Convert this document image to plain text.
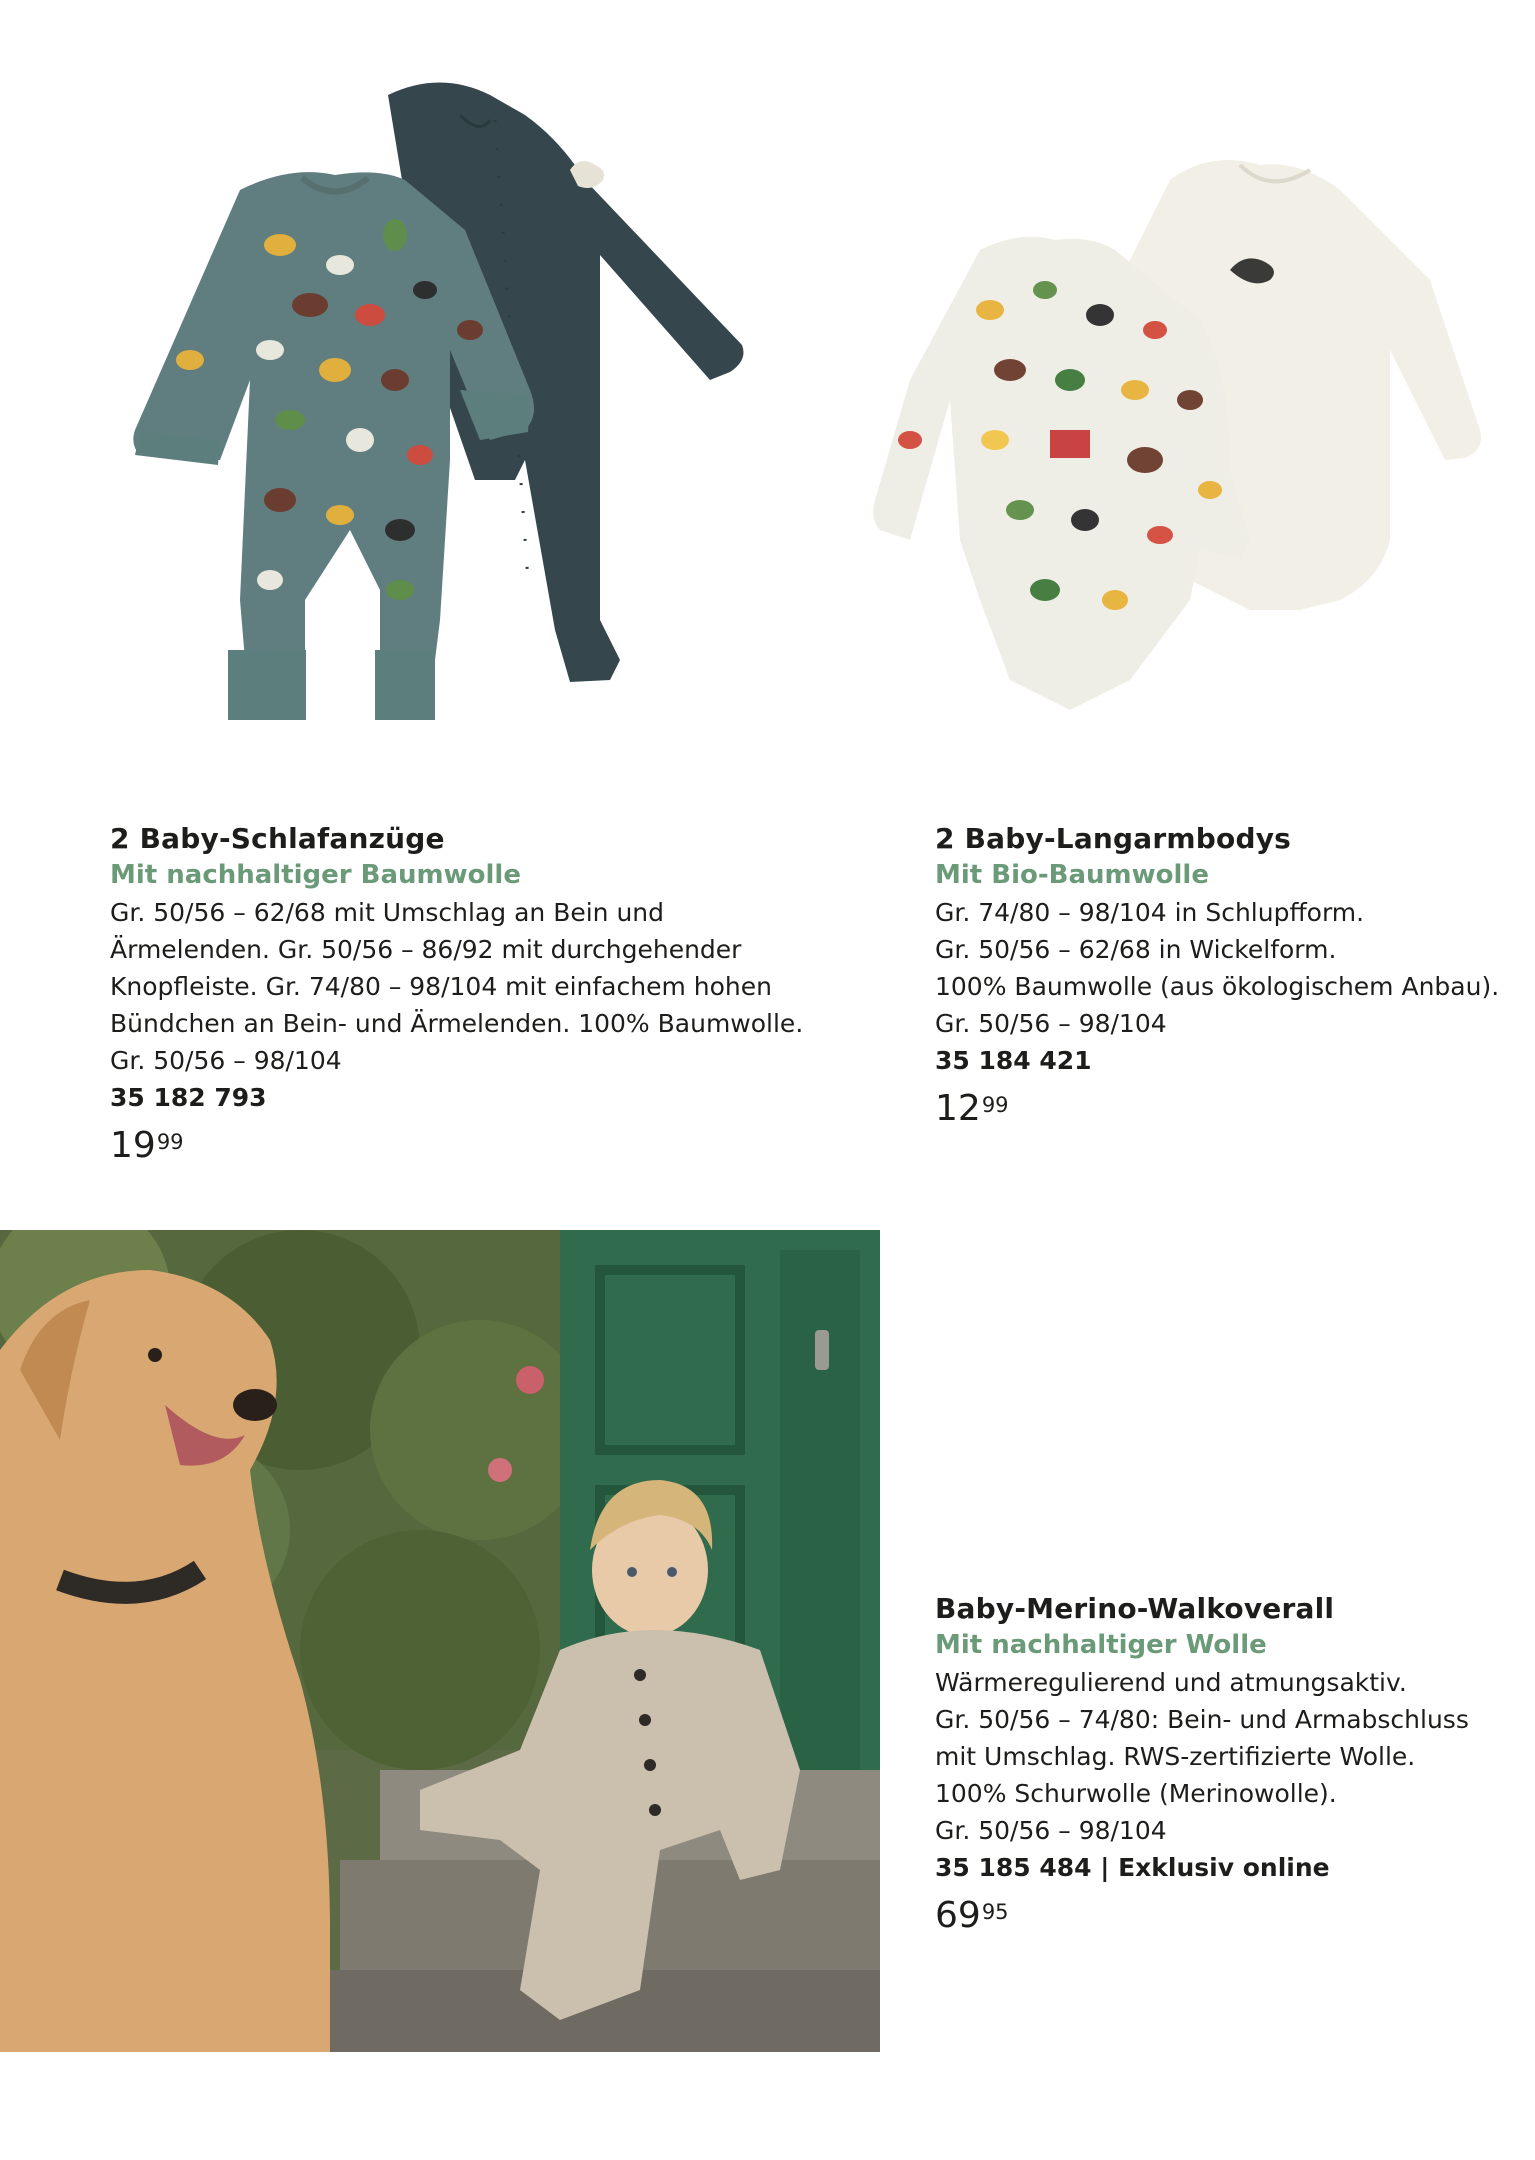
2 Baby-Schlafanzüge
Mit nachhaltiger Baumwolle
Gr. 50/56 – 62/68 mit Umschlag an Bein und
Ärmelenden. Gr. 50/56 – 86/92 mit durchgehender
Knopfleiste. Gr. 74/80 – 98/104 mit einfachem hohen
Bündchen an Bein- und Ärmelenden. 100% Baumwolle.
Gr. 50/56 – 98/104
35 182 793
$19^{99}$
2 Baby-Langarmbodys
Mit Bio-Baumwolle
Gr. 74/80 – 98/104 in Schlupfform.
Gr. 50/56 – 62/68 in Wickelform.
100% Baumwolle (aus ökologischem Anbau).
Gr. 50/56 – 98/104
35 184 421
$12^{99}$
Baby-Merino-Walkoverall
Mit nachhaltiger Wolle
Wärmeregulierend und atmungsaktiv.
Gr. 50/56 – 74/80: Bein- und Armabschluss
mit Umschlag. RWS-zertifizierte Wolle.
100% Schurwolle (Merinowolle).
Gr. 50/56 – 98/104
35 185 484 | Exklusiv online
$69^{95}$
